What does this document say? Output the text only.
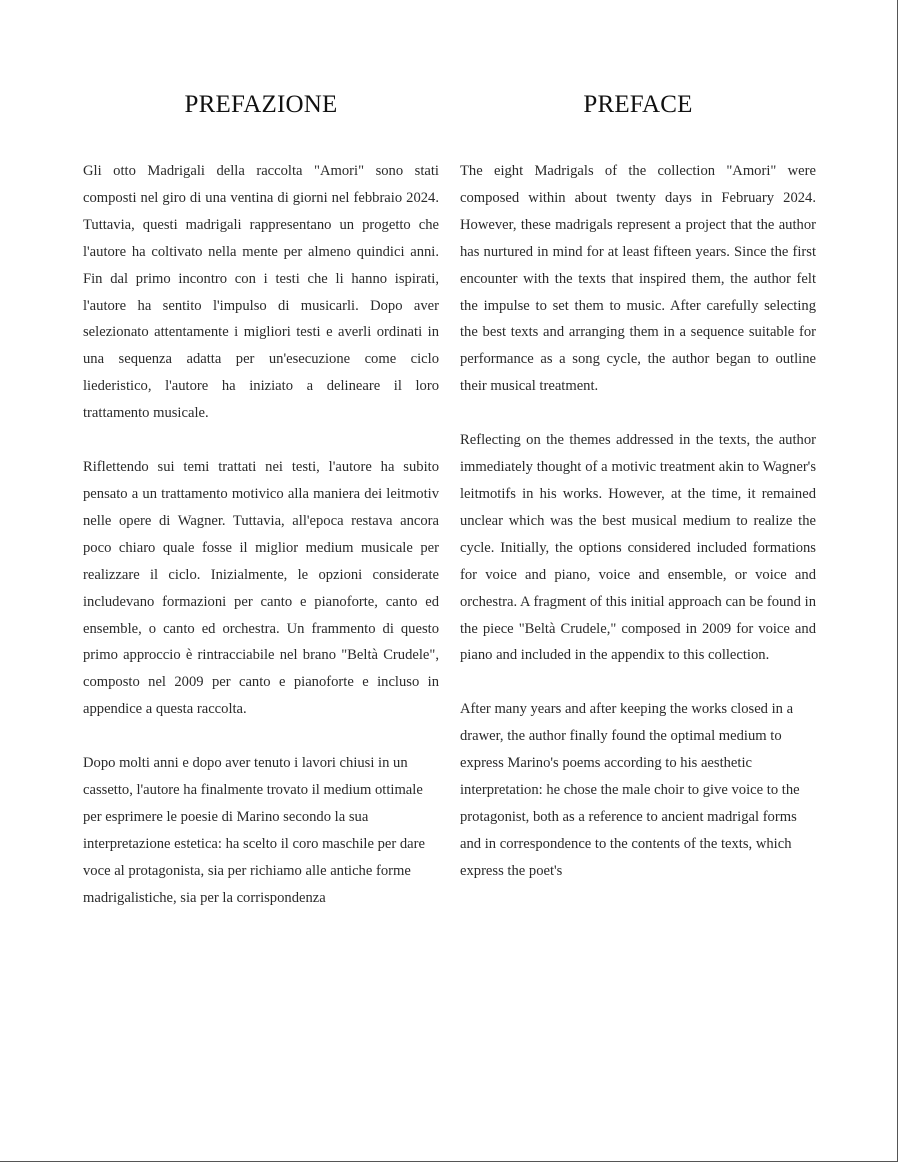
PREFAZIONE

Gli otto Madrigali della raccolta "Amori" sono stati composti nel giro di una ventina di giorni nel febbraio 2024. Tuttavia, questi madrigali rappresentano un progetto che l'autore ha coltivato nella mente per almeno quindici anni. Fin dal primo incontro con i testi che li hanno ispirati, l'autore ha sentito l'impulso di musicarli. Dopo aver selezionato attentamente i migliori testi e averli ordinati in una sequenza adatta per un'esecuzione come ciclo liederistico, l'autore ha iniziato a delineare il loro trattamento musicale.

Riflettendo sui temi trattati nei testi, l'autore ha subito pensato a un trattamento motivico alla maniera dei leitmotiv nelle opere di Wagner. Tuttavia, all'epoca restava ancora poco chiaro quale fosse il miglior medium musicale per realizzare il ciclo. Inizialmente, le opzioni considerate includevano formazioni per canto e pianoforte, canto ed ensemble, o canto ed orchestra. Un frammento di questo primo approccio è rintracciabile nel brano "Beltà Crudele", composto nel 2009 per canto e pianoforte e incluso in appendice a questa raccolta.

Dopo molti anni e dopo aver tenuto i lavori chiusi in un cassetto, l'autore ha finalmente trovato il medium ottimale per esprimere le poesie di Marino secondo la sua interpretazione estetica: ha scelto il coro maschile per dare voce al protagonista, sia per richiamo alle antiche forme madrigalistiche, sia per la corrispondenza

PREFACE

The eight Madrigals of the collection "Amori" were composed within about twenty days in February 2024. However, these madrigals represent a project that the author has nurtured in mind for at least fifteen years. Since the first encounter with the texts that inspired them, the author felt the impulse to set them to music. After carefully selecting the best texts and arranging them in a sequence suitable for performance as a song cycle, the author began to outline their musical treatment.

Reflecting on the themes addressed in the texts, the author immediately thought of a motivic treatment akin to Wagner's leitmotifs in his works. However, at the time, it remained unclear which was the best musical medium to realize the cycle. Initially, the options considered included formations for voice and piano, voice and ensemble, or voice and orchestra. A fragment of this initial approach can be found in the piece "Beltà Crudele," composed in 2009 for voice and piano and included in the appendix to this collection.

After many years and after keeping the works closed in a drawer, the author finally found the optimal medium to express Marino's poems according to his aesthetic interpretation: he chose the male choir to give voice to the protagonist, both as a reference to ancient madrigal forms and in correspondence to the contents of the texts, which express the poet's
